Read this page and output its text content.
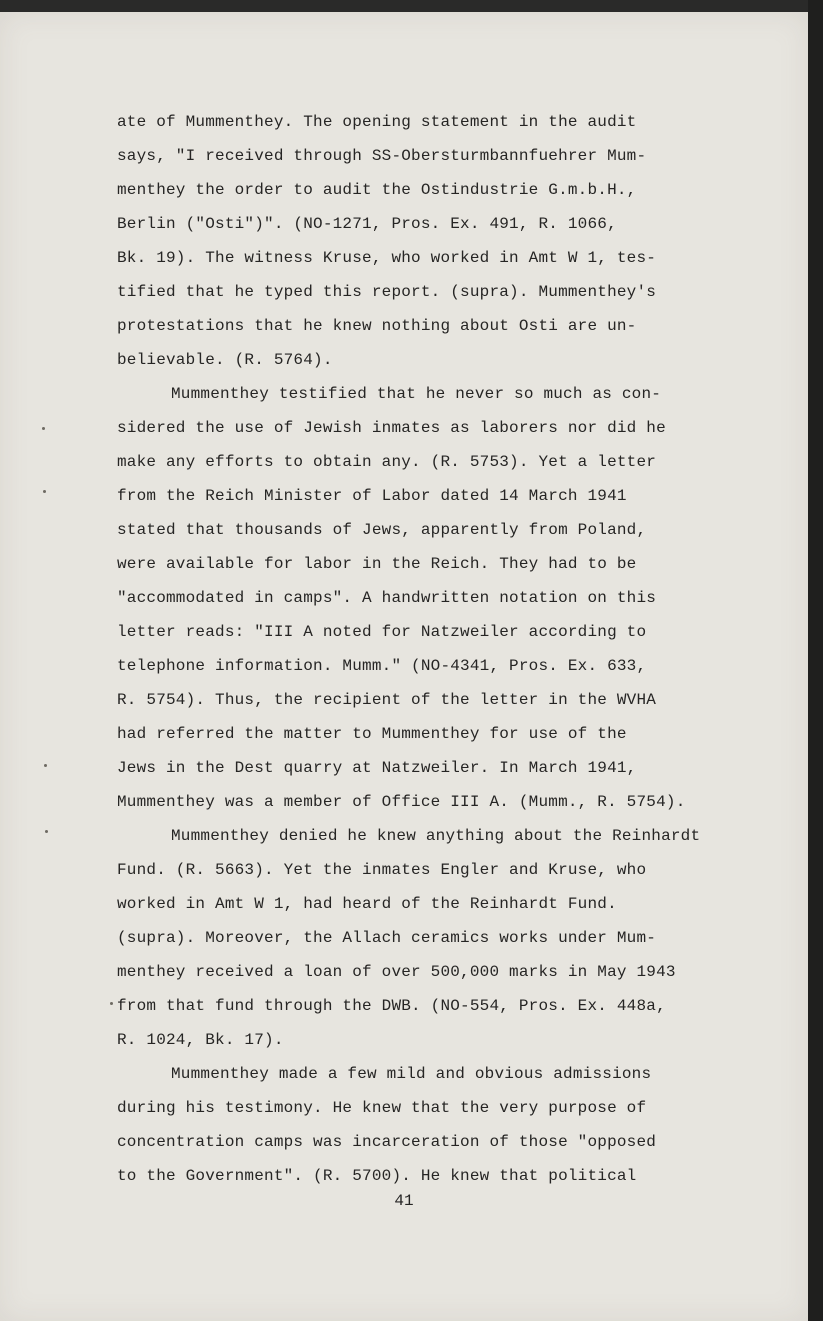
ate of Mummenthey. The opening statement in the audit
says, "I received through SS-Obersturmbannfuehrer Mum-
menthey the order to audit the Ostindustrie G.m.b.H.,
Berlin ("Osti")". (NO-1271, Pros. Ex. 491, R. 1066,
Bk. 19). The witness Kruse, who worked in Amt W 1, tes-
tified that he typed this report. (supra). Mummenthey's
protestations that he knew nothing about Osti are un-
believable. (R. 5764).
Mummenthey testified that he never so much as con-
sidered the use of Jewish inmates as laborers nor did he
make any efforts to obtain any. (R. 5753). Yet a letter
from the Reich Minister of Labor dated 14 March 1941
stated that thousands of Jews, apparently from Poland,
were available for labor in the Reich. They had to be
"accommodated in camps". A handwritten notation on this
letter reads: "III A noted for Natzweiler according to
telephone information. Mumm." (NO-4341, Pros. Ex. 633,
R. 5754). Thus, the recipient of the letter in the WVHA
had referred the matter to Mummenthey for use of the
Jews in the Dest quarry at Natzweiler. In March 1941,
Mummenthey was a member of Office III A. (Mumm., R. 5754).
Mummenthey denied he knew anything about the Reinhardt
Fund. (R. 5663). Yet the inmates Engler and Kruse, who
worked in Amt W 1, had heard of the Reinhardt Fund.
(supra). Moreover, the Allach ceramics works under Mum-
menthey received a loan of over 500,000 marks in May 1943
from that fund through the DWB. (NO-554, Pros. Ex. 448a,
R. 1024, Bk. 17).
Mummenthey made a few mild and obvious admissions
during his testimony. He knew that the very purpose of
concentration camps was incarceration of those "opposed
to the Government". (R. 5700). He knew that political
41
